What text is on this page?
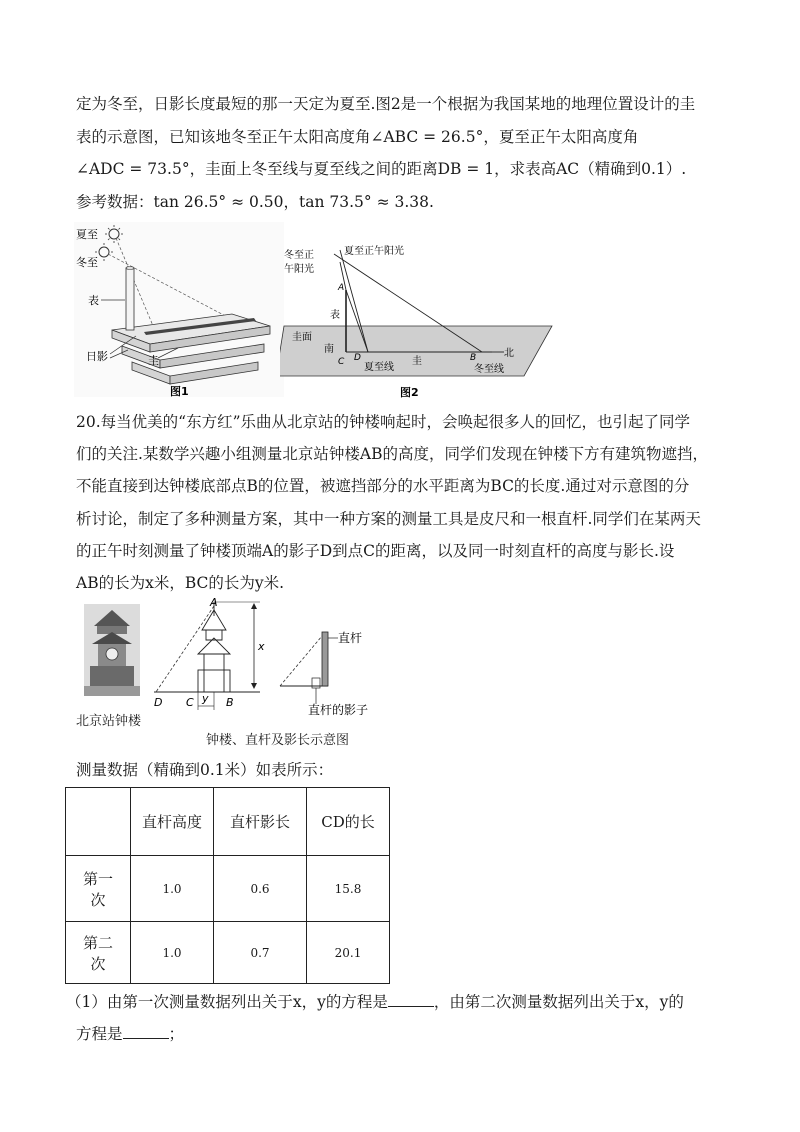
定为冬至，日影长度最短的那一天定为夏至.图2是一个根据为我国某地的地理位置设计的圭
表的示意图，已知该地冬至正午太阳高度角∠ABC = 26.5°，夏至正午太阳高度角
∠ADC = 73.5°，圭面上冬至线与夏至线之间的距离DB = 1，求表高AC（精确到0.1）.
参考数据：tan 26.5° ≈ 0.50，tan 73.5° ≈ 3.38.
夏至
冬至
表
日影	圭
图1
冬至正
午阳光
夏至正午阳光
A
表
圭面
南
C D
夏至线
圭	B	北
冬至线
图2
20.每当优美的“东方红”乐曲从北京站的钟楼响起时，会唤起很多人的回忆，也引起了同学
们的关注.某数学兴趣小组测量北京站钟楼AB的高度，同学们发现在钟楼下方有建筑物遮挡，
不能直接到达钟楼底部点B的位置，被遮挡部分的水平距离为BC的长度.通过对示意图的分
析讨论，制定了多种测量方案，其中一种方案的测量工具是皮尺和一根直杆.同学们在某两天
的正午时刻测量了钟楼顶端A的影子D到点C的距离，以及同一时刻直杆的高度与影长.设
AB的长为x米，BC的长为y米.
北京站钟楼
A
x
D C y B
直杆
直杆的影子
钟楼、直杆及影长示意图
测量数据（精确到0.1米）如表所示：
	直杆高度	直杆影长	CD的长
第一次	1.0	0.6	15.8
第二次	1.0	0.7	20.1
（1）由第一次测量数据列出关于x，y的方程是	，由第二次测量数据列出关于x，y的
方程是	；
